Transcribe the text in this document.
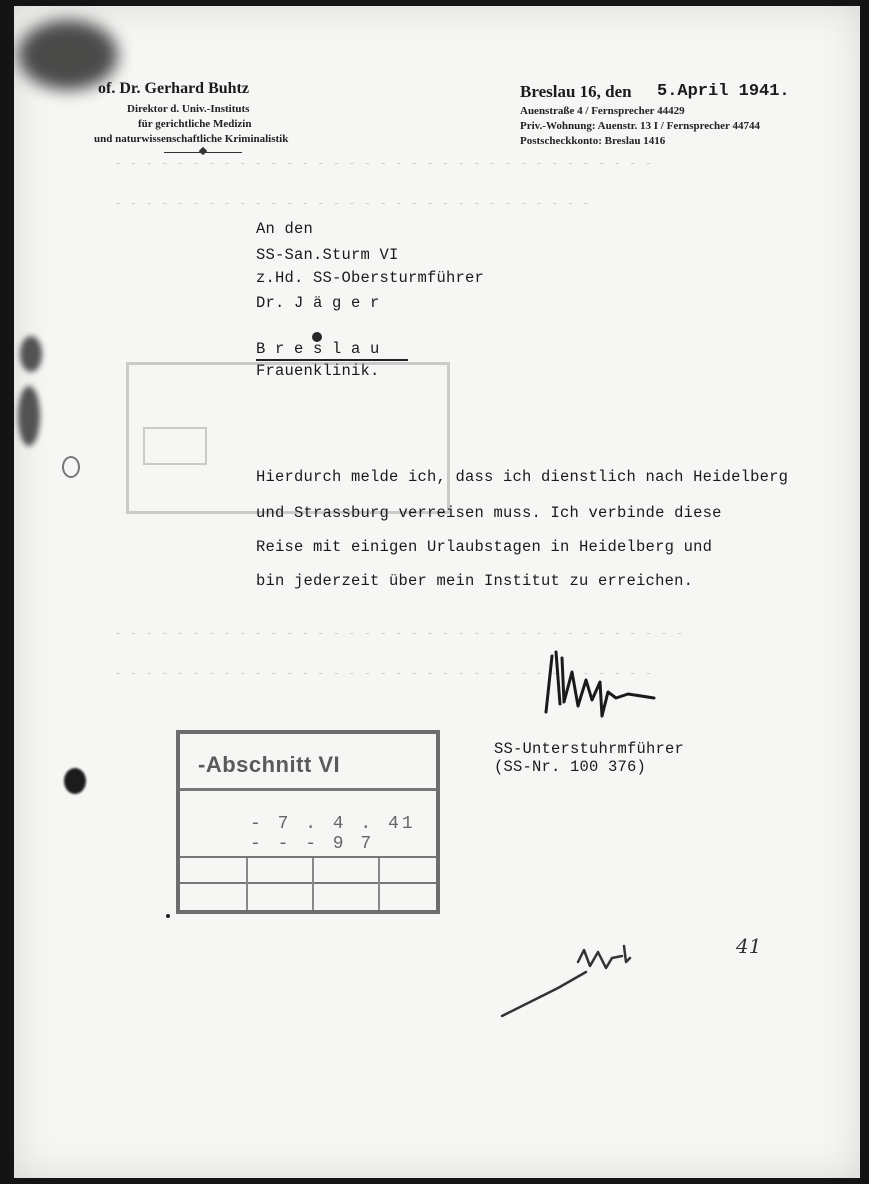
- - - - - - - - - - - - - - - - - - - - - - - - - - - - - - - - - - -
- - - - - - - - - - - - - - - - - - - - - - - - - - - - - - -
- - - - - - - - - - - - - - - - - - - - - - - - - - - - - - - - - - - - -
- - - - - - - - - - - - - - - - - - - - - - - - - - - - - - - - - - -
of. Dr. Gerhard Buhtz
Direktor d. Univ.-Instituts
für gerichtliche Medizin
und naturwissenschaftliche Kriminalistik
Breslau 16, den 5.April 1941.
Auenstraße 4 / Fernsprecher 44429
Priv.-Wohnung: Auenstr. 13 I / Fernsprecher 44744
Postscheckkonto: Breslau 1416
An den
SS-San.Sturm VI
z.Hd. SS-Obersturmführer
Dr. J ä g e r
B r e s l a u
Frauenklinik.
Hierdurch melde ich, dass ich dienstlich nach Heidelberg
und Strassburg verreisen muss. Ich verbinde diese
Reise mit einigen Urlaubstagen in Heidelberg und
bin jederzeit über mein Institut zu erreichen.
SS-Unterstuhrmführer
(SS-Nr. 100 376)
-Abschnitt VI
- 7 . 4 . 41 - - - 9 7
41
